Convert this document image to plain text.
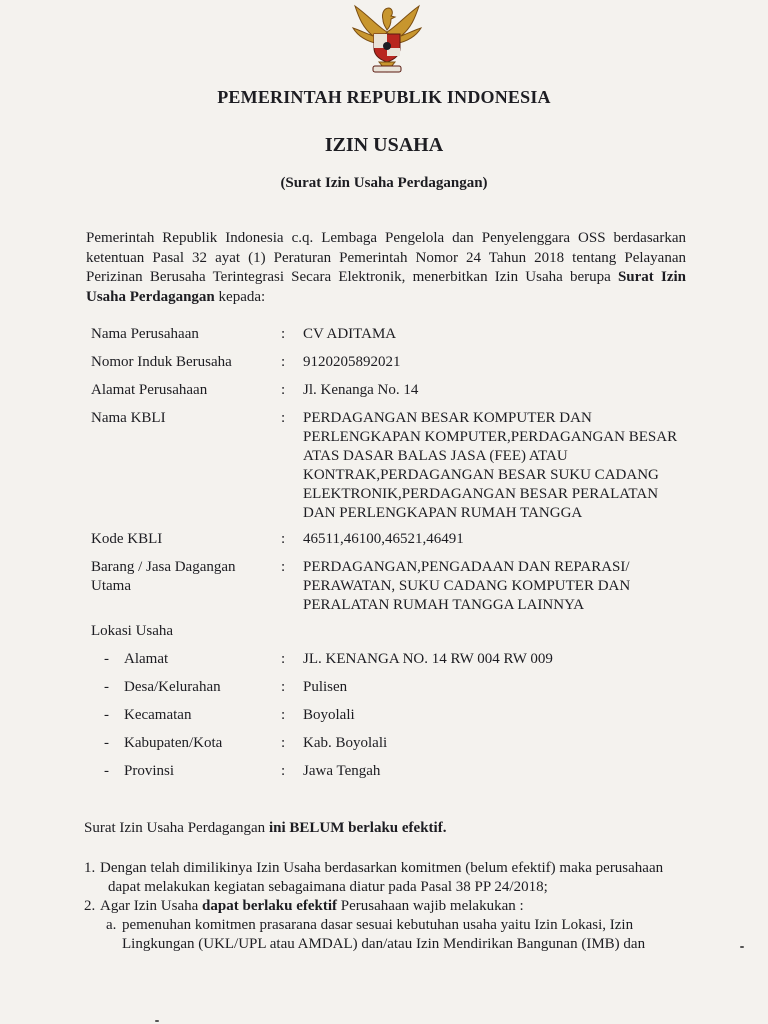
PEMERINTAH REPUBLIK INDONESIA
IZIN USAHA
(Surat Izin Usaha Perdagangan)
Pemerintah Republik Indonesia c.q. Lembaga Pengelola dan Penyelenggara OSS berdasarkan ketentuan Pasal 32 ayat (1) Peraturan Pemerintah Nomor 24 Tahun 2018 tentang Pelayanan Perizinan Berusaha Terintegrasi Secara Elektronik, menerbitkan Izin Usaha berupa Surat Izin Usaha Perdagangan kepada:
Nama Perusahaan	:	CV ADITAMA
Nomor Induk Berusaha	:	9120205892021
Alamat Perusahaan	:	Jl. Kenanga No. 14
Nama KBLI	:	PERDAGANGAN BESAR KOMPUTER DAN
PERLENGKAPAN KOMPUTER,PERDAGANGAN BESAR
ATAS DASAR BALAS JASA (FEE) ATAU
KONTRAK,PERDAGANGAN BESAR SUKU CADANG
ELEKTRONIK,PERDAGANGAN BESAR PERALATAN
DAN PERLENGKAPAN RUMAH TANGGA
Kode KBLI	:	46511,46100,46521,46491
Barang / Jasa Dagangan
Utama
:	PERDAGANGAN,PENGADAAN DAN REPARASI/
PERAWATAN, SUKU CADANG KOMPUTER DAN
PERALATAN RUMAH TANGGA LAINNYA
Lokasi Usaha
- Alamat	:	JL. KENANGA NO. 14 RW 004 RW 009
- Desa/Kelurahan	:	Pulisen
- Kecamatan	:	Boyolali
- Kabupaten/Kota	:	Kab. Boyolali
- Provinsi	:	Jawa Tengah
Surat Izin Usaha Perdagangan ini BELUM berlaku efektif.
1. Dengan telah dimilikinya Izin Usaha berdasarkan komitmen (belum efektif) maka perusahaan
dapat melakukan kegiatan sebagaimana diatur pada Pasal 38 PP 24/2018;
2. Agar Izin Usaha dapat berlaku efektif Perusahaan wajib melakukan :
a. pemenuhan komitmen prasarana dasar sesuai kebutuhan usaha yaitu Izin Lokasi, Izin
Lingkungan (UKL/UPL atau AMDAL) dan/atau Izin Mendirikan Bangunan (IMB) dan
